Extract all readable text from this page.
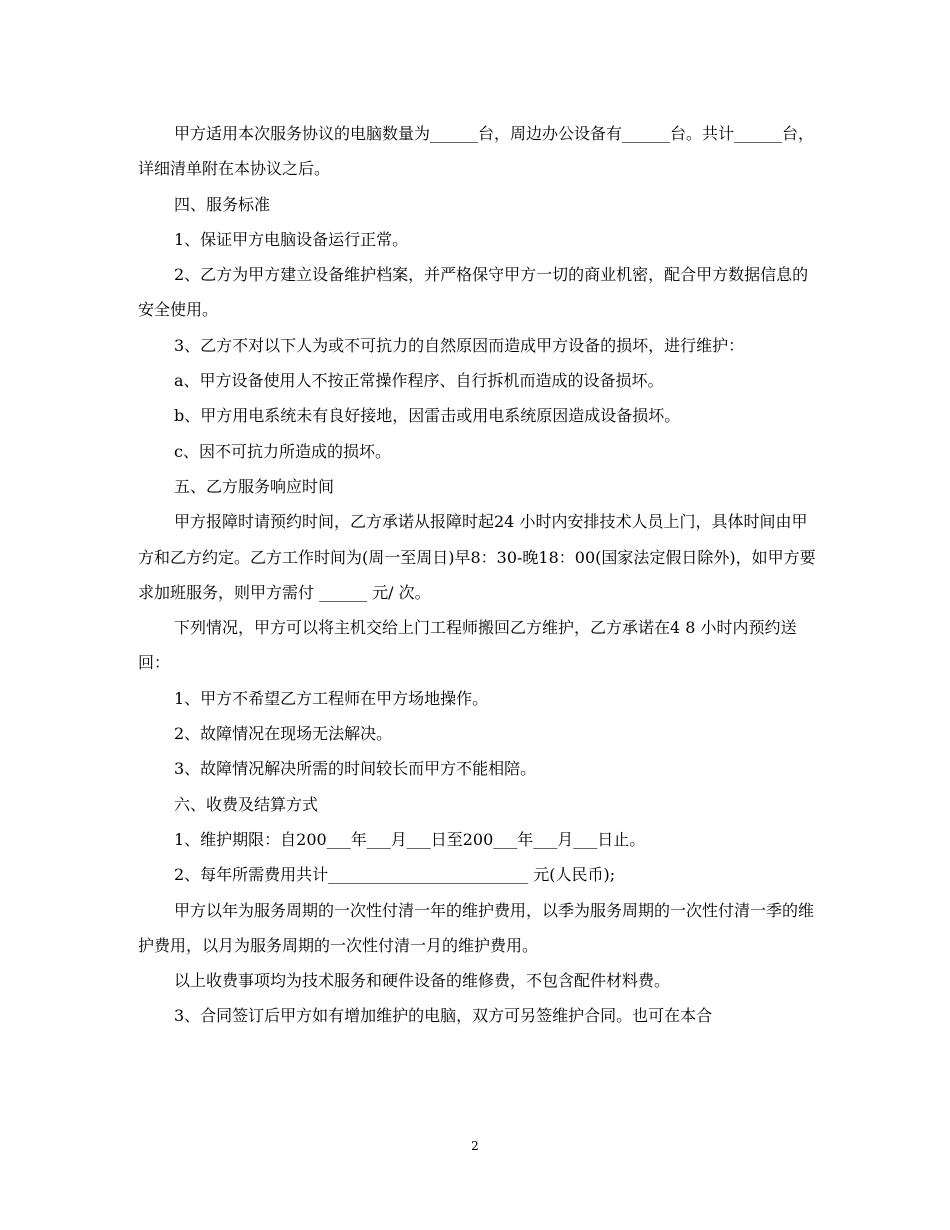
甲方适用本次服务协议的电脑数量为______台，周边办公设备有______台。共计______台，详细清单附在本协议之后。

四、服务标准

1、保证甲方电脑设备运行正常。

2、乙方为甲方建立设备维护档案，并严格保守甲方一切的商业机密，配合甲方数据信息的安全使用。

3、乙方不对以下人为或不可抗力的自然原因而造成甲方设备的损坏，进行维护：

a、甲方设备使用人不按正常操作程序、自行拆机而造成的设备损坏。

b、甲方用电系统未有良好接地，因雷击或用电系统原因造成设备损坏。

c、因不可抗力所造成的损坏。

五、乙方服务响应时间

甲方报障时请预约时间，乙方承诺从报障时起24 小时内安排技术人员上门，具体时间由甲方和乙方约定。乙方工作时间为(周一至周日)早8：30-晚18：00(国家法定假日除外)，如甲方要求加班服务，则甲方需付 ______ 元/ 次。

下列情况，甲方可以将主机交给上门工程师搬回乙方维护，乙方承诺在4 8 小时内预约送回：

1、甲方不希望乙方工程师在甲方场地操作。

2、故障情况在现场无法解决。

3、故障情况解决所需的时间较长而甲方不能相陪。

六、收费及结算方式

1、维护期限：自200___年___月___日至200___年___月___日止。

2、每年所需费用共计_________________________ 元(人民币);

甲方以年为服务周期的一次性付清一年的维护费用，以季为服务周期的一次性付清一季的维护费用，以月为服务周期的一次性付清一月的维护费用。

以上收费事项均为技术服务和硬件设备的维修费，不包含配件材料费。

3、合同签订后甲方如有增加维护的电脑，双方可另签维护合同。也可在本合

2
